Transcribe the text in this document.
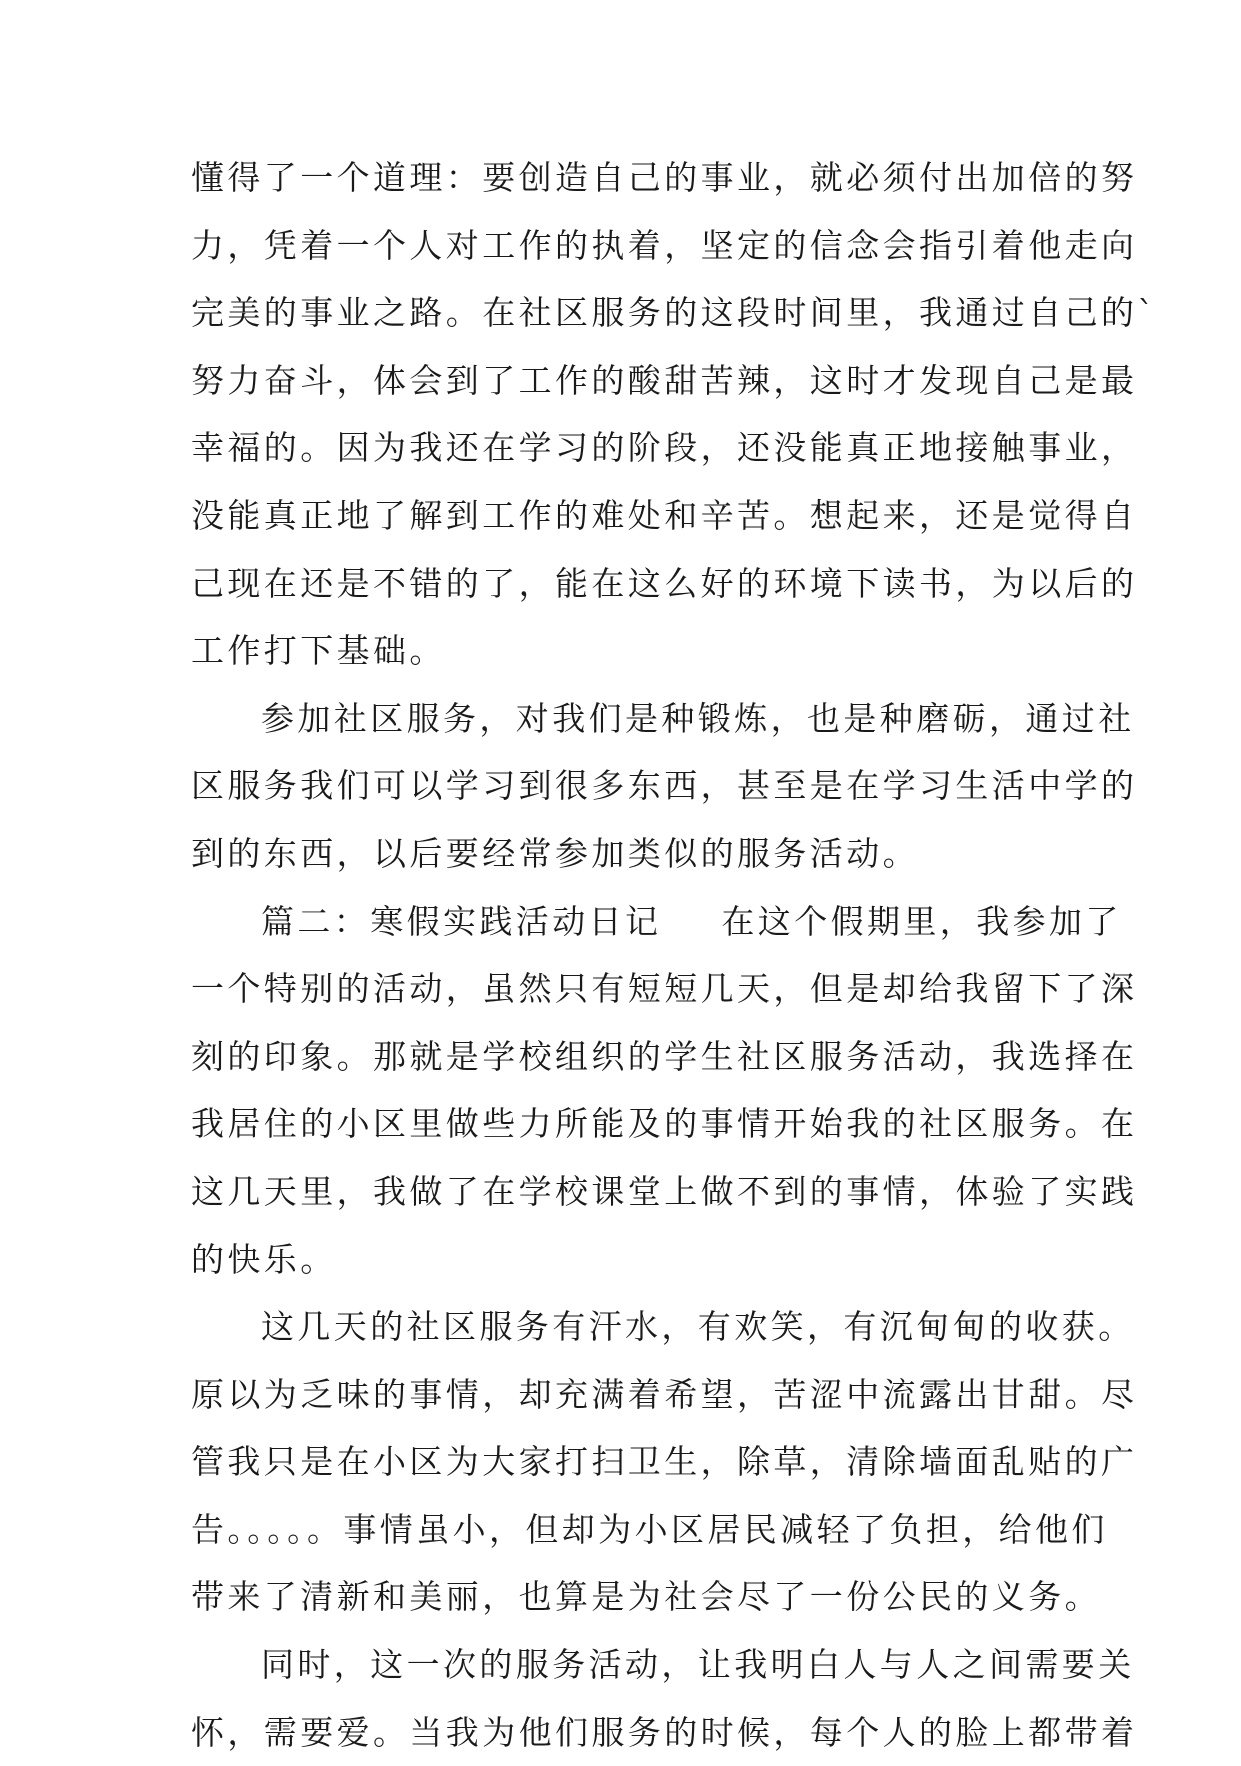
懂得了一个道理：要创造自己的事业，就必须付出加倍的努
力，凭着一个人对工作的执着，坚定的信念会指引着他走向
完美的事业之路。在社区服务的这段时间里，我通过自己的`
努力奋斗，体会到了工作的酸甜苦辣，这时才发现自己是最
幸福的。因为我还在学习的阶段，还没能真正地接触事业，
没能真正地了解到工作的难处和辛苦。想起来，还是觉得自
己现在还是不错的了，能在这么好的环境下读书，为以后的
工作打下基础。
参加社区服务，对我们是种锻炼，也是种磨砺，通过社
区服务我们可以学习到很多东西，甚至是在学习生活中学的
到的东西，以后要经常参加类似的服务活动。
篇二：寒假实践活动日记 在这个假期里，我参加了
一个特别的活动，虽然只有短短几天，但是却给我留下了深
刻的印象。那就是学校组织的学生社区服务活动，我选择在
我居住的小区里做些力所能及的事情开始我的社区服务。在
这几天里，我做了在学校课堂上做不到的事情，体验了实践
的快乐。
这几天的社区服务有汗水，有欢笑，有沉甸甸的收获。
原以为乏味的事情，却充满着希望，苦涩中流露出甘甜。尽
管我只是在小区为大家打扫卫生，除草，清除墙面乱贴的广
告。。。。。事情虽小，但却为小区居民减轻了负担，给他们
带来了清新和美丽，也算是为社会尽了一份公民的义务。
同时，这一次的服务活动，让我明白人与人之间需要关
怀，需要爱。当我为他们服务的时候，每个人的脸上都带着
